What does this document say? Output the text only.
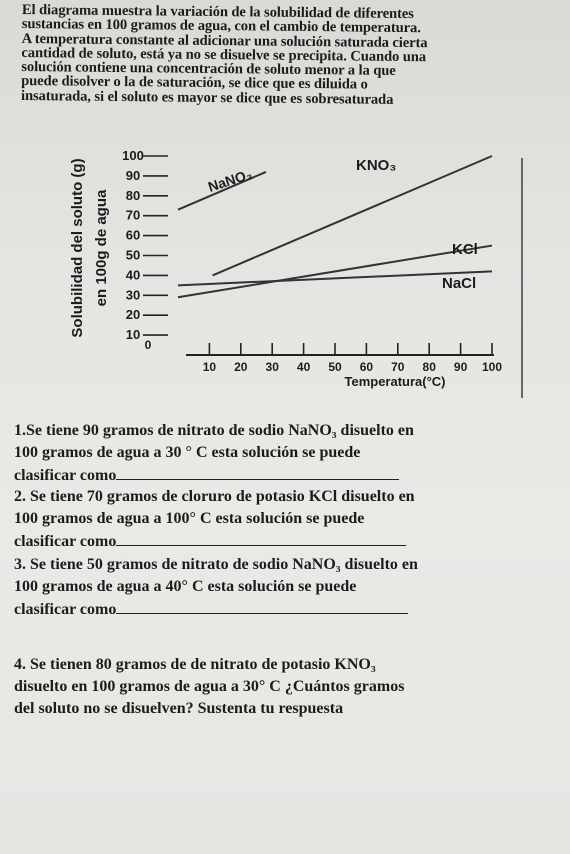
El diagrama muestra la variación de la solubilidad de diferentes
sustancias en 100 gramos de agua, con el cambio de temperatura.
A temperatura constante al adicionar una solución saturada cierta
cantidad de soluto, está ya no se disuelve se precipita. Cuando una
solución contiene una concentración de soluto menor a la que
puede disolver o la de saturación, se dice que es diluida o
insaturada, si el soluto es mayor se dice que es sobresaturada
Solubilidad del soluto (g) en 100g de agua
0
10
20
30
40
50
60
70
80
90
100
10 20 30 40 50 60 70 80 90 100
Temperatura(°C)
NaNO₃
KNO₃
KCl
NaCl
1.Se tiene 90 gramos de nitrato de sodio NaNO₃ disuelto en
100 gramos de agua a 30 ° C esta solución se puede
clasificar como
2. Se tiene 70 gramos de cloruro de potasio KCl disuelto en
100 gramos de agua a 100° C esta solución se puede
clasificar como
3. Se tiene 50 gramos de nitrato de sodio NaNO₃ disuelto en
100 gramos de agua a 40° C esta solución se puede
clasificar como
4. Se tienen 80 gramos de de nitrato de potasio KNO₃
disuelto en 100 gramos de agua a 30° C ¿Cuántos gramos
del soluto no se disuelven? Sustenta tu respuesta
